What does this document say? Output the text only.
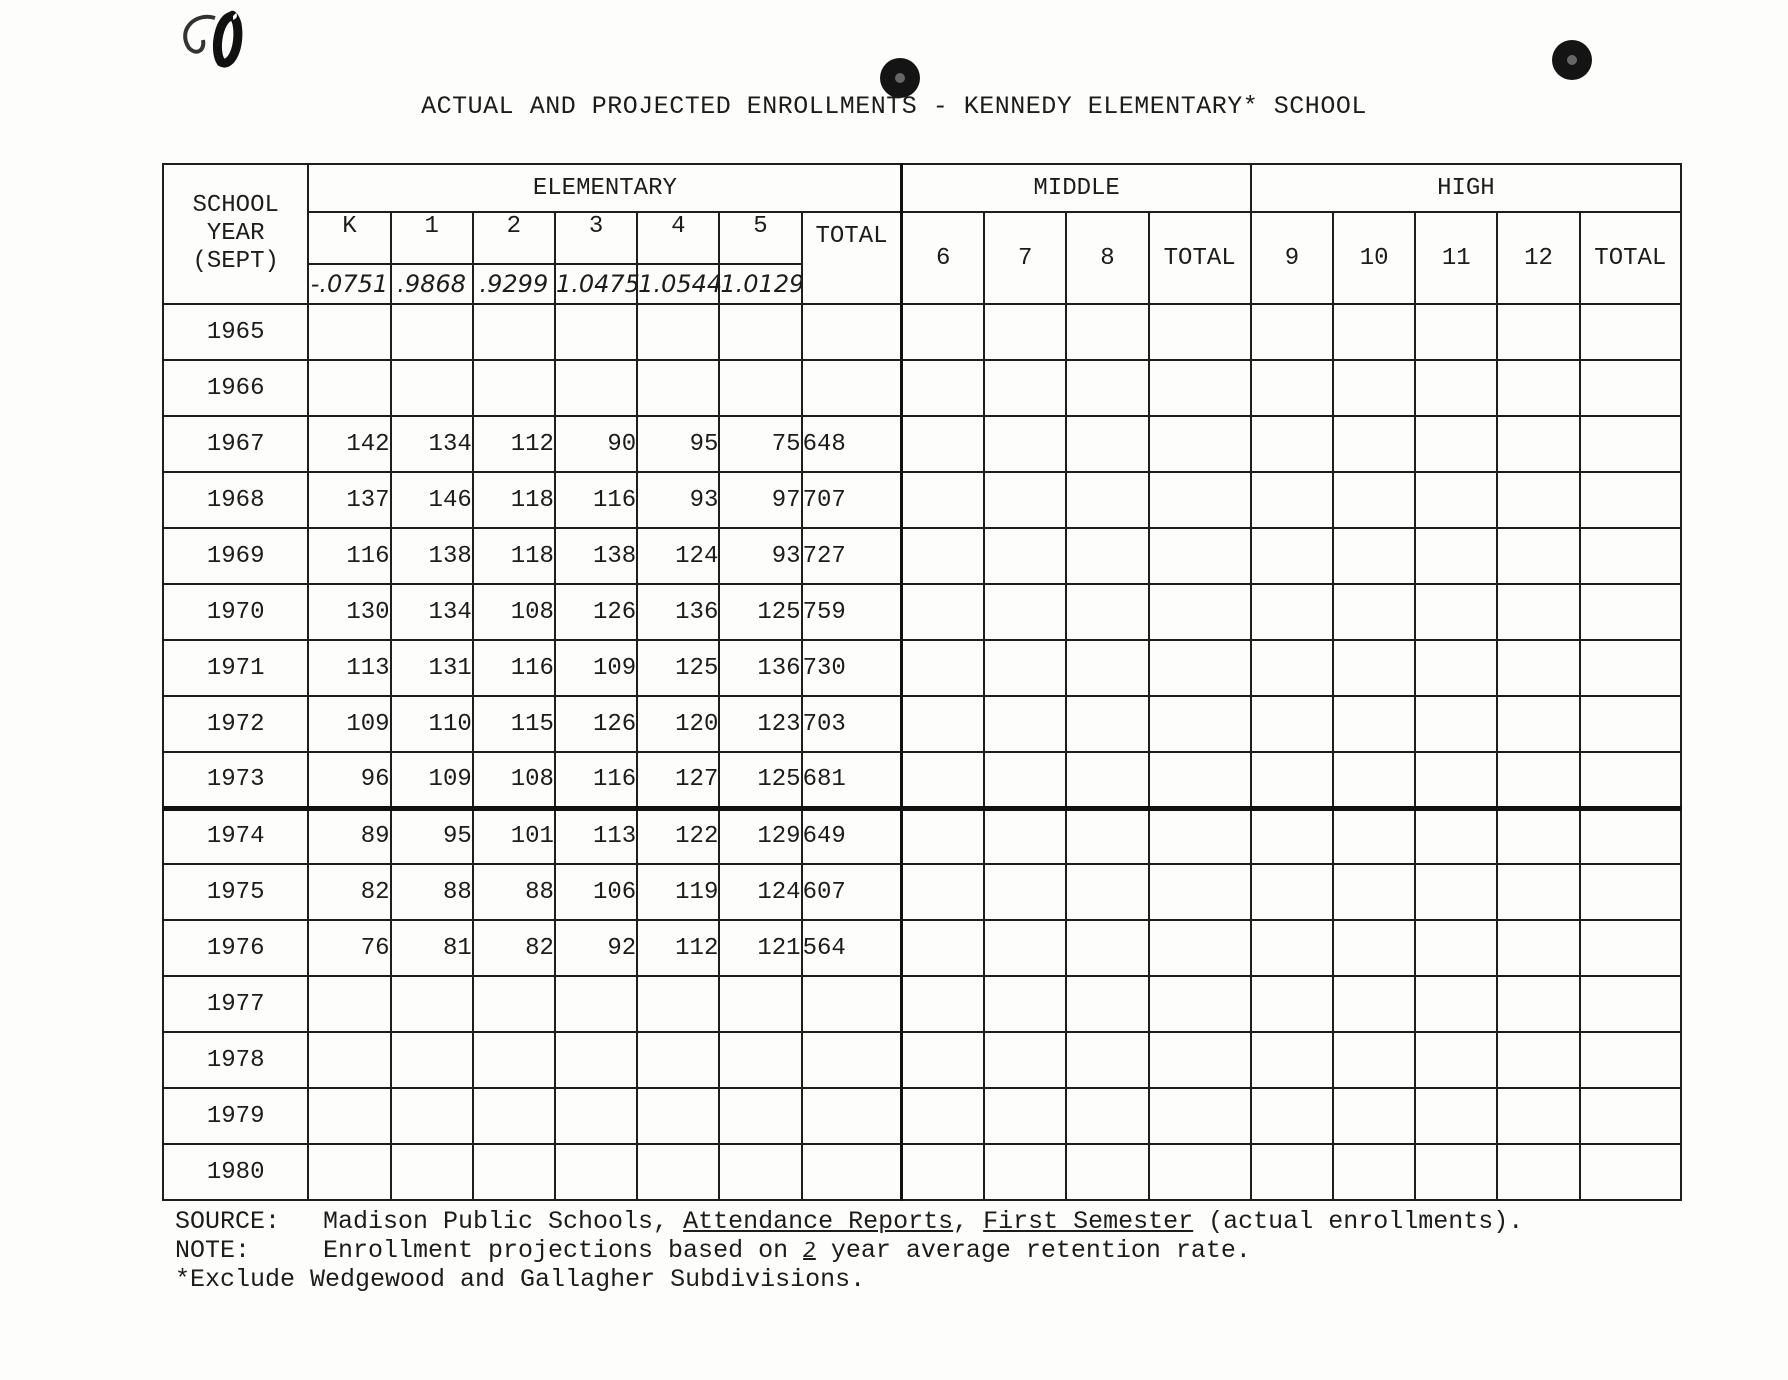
ACTUAL AND PROJECTED ENROLLMENTS - KENNEDY ELEMENTARY* SCHOOL
SCHOOL
YEAR
(SEPT)	ELEMENTARY							MIDDLE				HIGH				
	K	1	2	3	4	5	TOTAL	6	7	8	TOTAL	9	10	11	12	TOTAL
	-.0751	.9868	.9299	1.0475	1.0544	1.0129										
1965																
1966																
1967	142	134	112	90	95	75	648									
1968	137	146	118	116	93	97	707									
1969	116	138	118	138	124	93	727									
1970	130	134	108	126	136	125	759									
1971	113	131	116	109	125	136	730									
1972	109	110	115	126	120	123	703									
1973	96	109	108	116	127	125	681									
1974	89	95	101	113	122	129	649									
1975	82	88	88	106	119	124	607									
1976	76	81	82	92	112	121	564									
1977																
1978																
1979																
1980																
SOURCE: Madison Public Schools, Attendance Reports, First Semester (actual enrollments).
NOTE:	Enrollment projections based on 2 year average retention rate.
*Exclude Wedgewood and Gallagher Subdivisions.
